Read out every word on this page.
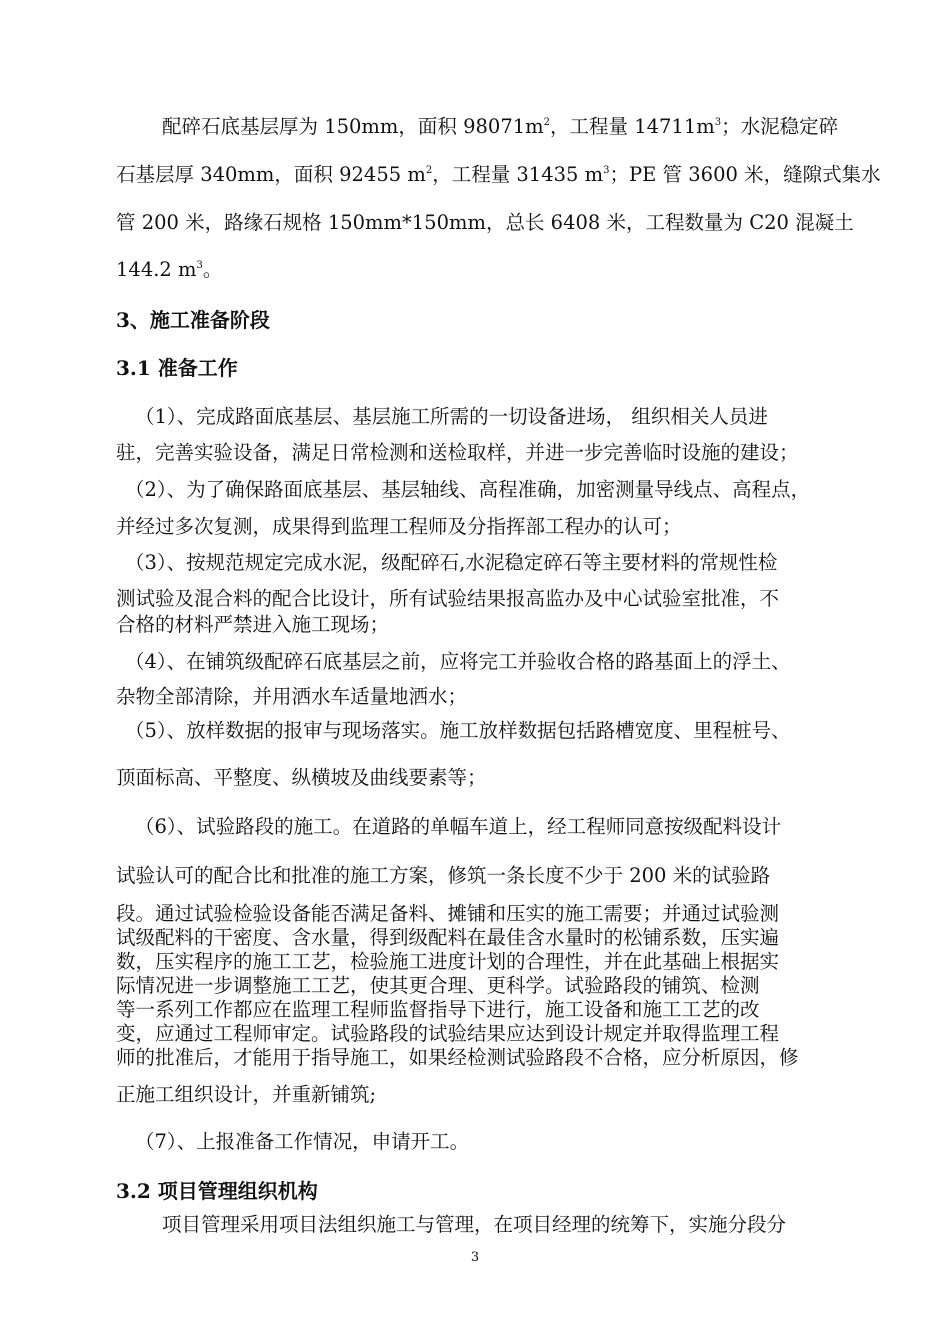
配碎石底基层厚为 150mm，面积 $98071m^2$，工程量 $14711m^3$；水泥稳定碎
石基层厚 340mm，面积 92455 $m^2$，工程量 31435 $m^3$；PE 管 3600 米，缝隙式集水
管 200 米，路缘石规格 150mm*150mm，总长 6408 米，工程数量为 C20 混凝土
144.2 $m^3$。
3、施工准备阶段
3.1 准备工作
（1）、完成路面底基层、基层施工所需的一切设备进场， 组织相关人员进
驻，完善实验设备，满足日常检测和送检取样，并进一步完善临时设施的建设；
（2）、为了确保路面底基层、基层轴线、高程准确，加密测量导线点、高程点，
并经过多次复测，成果得到监理工程师及分指挥部工程办的认可；
（3）、按规范规定完成水泥，级配碎石,水泥稳定碎石等主要材料的常规性检
测试验及混合料的配合比设计，所有试验结果报高监办及中心试验室批准，不
合格的材料严禁进入施工现场；
（4）、在铺筑级配碎石底基层之前，应将完工并验收合格的路基面上的浮土、
杂物全部清除，并用洒水车适量地洒水；
（5）、放样数据的报审与现场落实。施工放样数据包括路槽宽度、里程桩号、
顶面标高、平整度、纵横坡及曲线要素等；
（6）、试验路段的施工。在道路的单幅车道上，经工程师同意按级配料设计
试验认可的配合比和批准的施工方案，修筑一条长度不少于 200 米的试验路
段。通过试验检验设备能否满足备料、摊铺和压实的施工需要；并通过试验测
试级配料的干密度、含水量，得到级配料在最佳含水量时的松铺系数，压实遍
数，压实程序的施工工艺，检验施工进度计划的合理性，并在此基础上根据实
际情况进一步调整施工工艺，使其更合理、更科学。试验路段的铺筑、检测
等一系列工作都应在监理工程师监督指导下进行，施工设备和施工工艺的改
变，应通过工程师审定。试验路段的试验结果应达到设计规定并取得监理工程
师的批准后，才能用于指导施工，如果经检测试验路段不合格，应分析原因，修
正施工组织设计，并重新铺筑;
（7）、上报准备工作情况，申请开工。
3.2 项目管理组织机构
项目管理采用项目法组织施工与管理，在项目经理的统筹下，实施分段分
3
